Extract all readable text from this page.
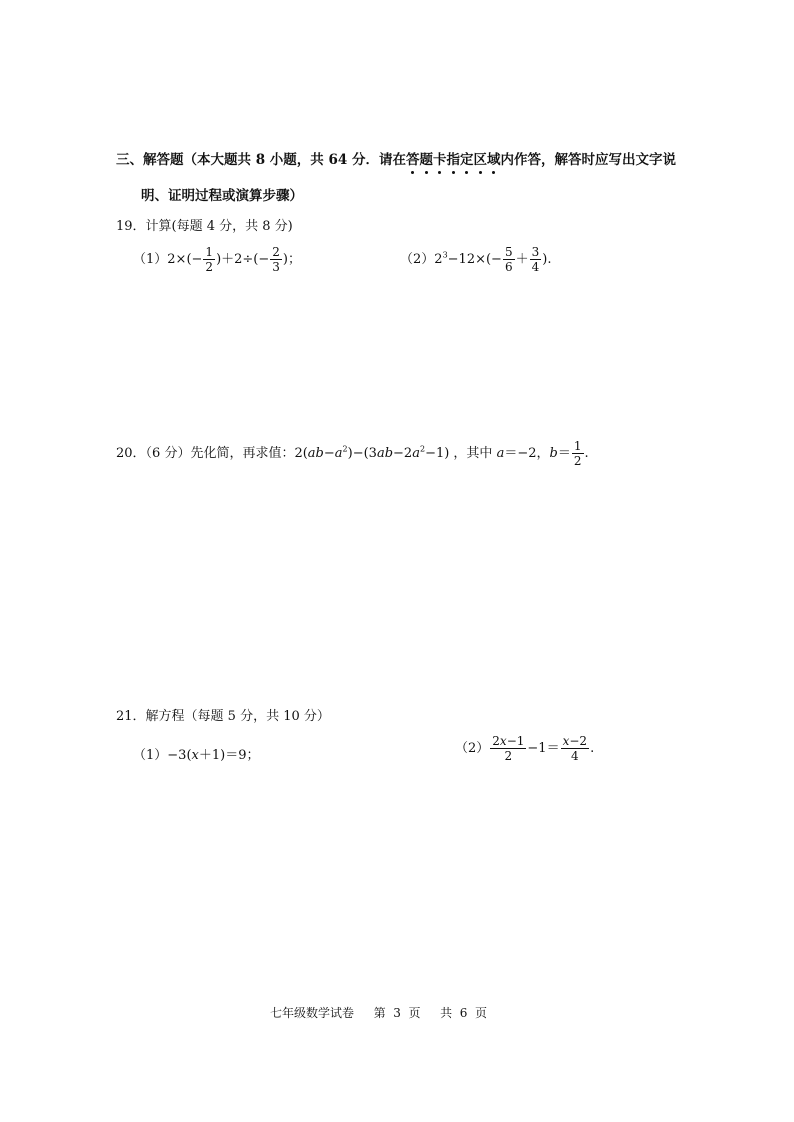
三、解答题（本大题共 8 小题，共 64 分．请在答
题
卡
指
定
区
域
内作答，解答时应写出文字说
明、证明过程或演算步骤）
19．计算(每题 4 分，共 8 分)
$(1)2\times(- \frac{1}{2} )+2\div(- \frac{2}{3}$ )；	$(2)2^3-12\times(- \frac{5}{6} + \frac{3}{4}$ ).
20．（6 分）先化简，再求值：$2(ab-a^2)-(3ab-2a^2-1)$ ，其中 a＝−2，$b= \frac{1}{2}$ .
21．解方程（每题 5 分，共 10 分）
（1）−3(x＋1)＝9；	$(2) \frac{2x-1}{2} -1= \frac{x-2}{4}$ .
七年级数学试卷　  第  3  页　  共  6  页
